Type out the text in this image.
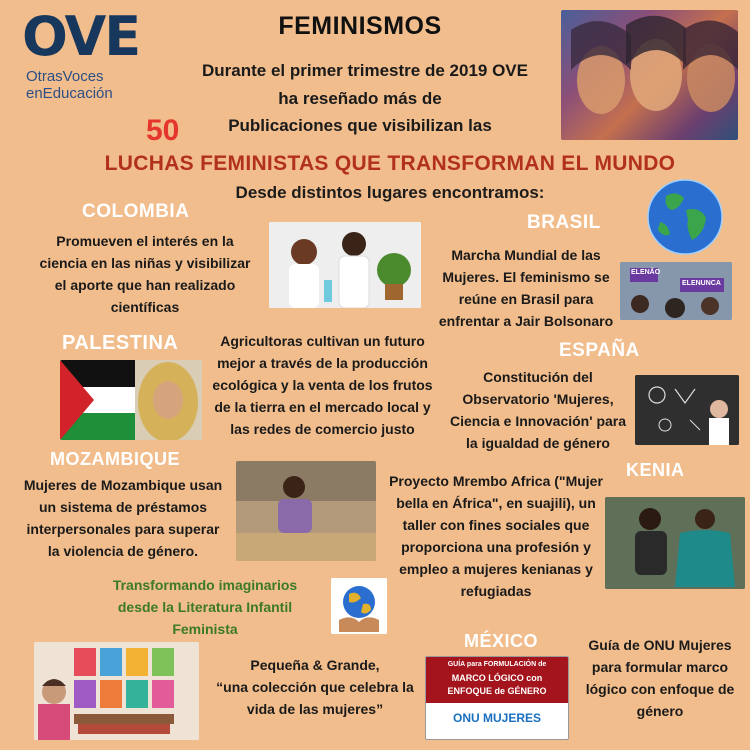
OVE
OtrasVoces
enEducación
FEMINISMOS
Durante el primer trimestre de 2019 OVE
ha reseñado más de
50	Publicaciones que visibilizan las
LUCHAS FEMINISTAS QUE TRANSFORMAN EL MUNDO
Desde distintos lugares encontramos:
COLOMBIA
Promueven el interés en la
ciencia en las niñas y visibilizar
el aporte que han realizado
científicas
BRASIL
Marcha Mundial de las
Mujeres. El feminismo se
reúne en Brasil para
enfrentar a Jair Bolsonaro
ELENÃO
ELENUNCA
PALESTINA	Agricultoras cultivan un futuro
mejor a través de la producción
ecológica y la venta de los frutos
de la tierra en el mercado local y
las redes de comercio justo
ESPAÑA
Constitución del
Observatorio 'Mujeres,
Ciencia e Innovación' para
la igualdad de género
MOZAMBIQUE
Mujeres de Mozambique usan
un sistema de préstamos
interpersonales para superar
la violencia de género.
KENIA
Proyecto Mrembo Africa ("Mujer
bella en África", en suajili), un
taller con fines sociales que
proporciona una profesión y
empleo a mujeres kenianas y
refugiadas
Transformando imaginarios
desde la Literatura Infantil
Feminista
Pequeña & Grande,
“una colección que celebra la
vida de las mujeres”
MÉXICO
GUÍA para FORMULACIÓN de
MARCO LÓGICO con
ENFOQUE de GÉNERO
ONU MUJERES
Guía de ONU Mujeres
para formular marco
lógico con enfoque de
género
